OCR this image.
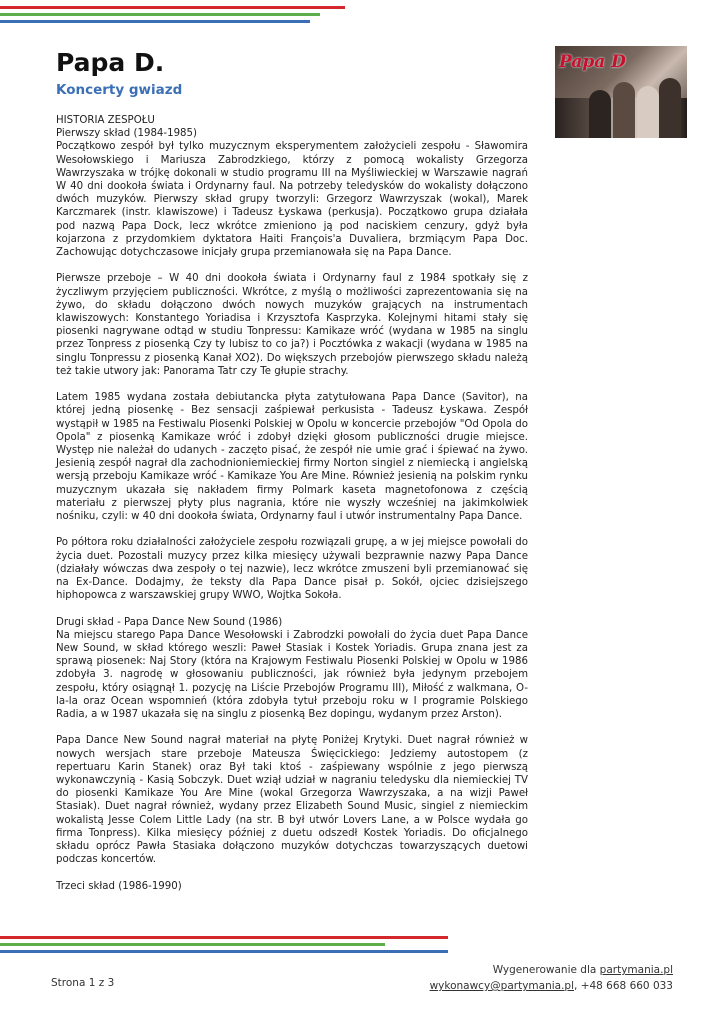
Papa D.
Koncerty gwiazd
Papa D
HISTORIA ZESPOŁU
Pierwszy skład (1984-1985)

Początkowo zespół był tylko muzycznym eksperymentem założycieli zespołu - Sławomira Wesołowskiego i Mariusza Zabrodzkiego, którzy z pomocą wokalisty Grzegorza Wawrzyszaka w trójkę dokonali w studio programu III na Myśliwieckiej w Warszawie nagrań W 40 dni dookoła świata i Ordynarny faul. Na potrzeby teledysków do wokalisty dołączono dwóch muzyków. Pierwszy skład grupy tworzyli: Grzegorz Wawrzyszak (wokal), Marek Karczmarek (instr. klawiszowe) i Tadeusz Łyskawa (perkusja). Początkowo grupa działała pod nazwą Papa Dock, lecz wkrótce zmieniono ją pod naciskiem cenzury, gdyż była kojarzona z przydomkiem dyktatora Haiti François'a Duvaliera, brzmiącym Papa Doc. Zachowując dotychczasowe inicjały grupa przemianowała się na Papa Dance.

Pierwsze przeboje – W 40 dni dookoła świata i Ordynarny faul z 1984 spotkały się z życzliwym przyjęciem publiczności. Wkrótce, z myślą o możliwości zaprezentowania się na żywo, do składu dołączono dwóch nowych muzyków grających na instrumentach klawiszowych: Konstantego Yoriadisa i Krzysztofa Kasprzyka. Kolejnymi hitami stały się piosenki nagrywane odtąd w studiu Tonpressu: Kamikaze wróć (wydana w 1985 na singlu przez Tonpress z piosenką Czy ty lubisz to co ja?) i Pocztówka z wakacji (wydana w 1985 na singlu Tonpressu z piosenką Kanał XO2). Do większych przebojów pierwszego składu należą też takie utwory jak: Panorama Tatr czy Te głupie strachy.

Latem 1985 wydana została debiutancka płyta zatytułowana Papa Dance (Savitor), na której jedną piosenkę - Bez sensacji zaśpiewał perkusista - Tadeusz Łyskawa. Zespół wystąpił w 1985 na Festiwalu Piosenki Polskiej w Opolu w koncercie przebojów "Od Opola do Opola" z piosenką Kamikaze wróć i zdobył dzięki głosom publiczności drugie miejsce. Występ nie należał do udanych - zaczęto pisać, że zespół nie umie grać i śpiewać na żywo. Jesienią zespół nagrał dla zachodnioniemieckiej firmy Norton singiel z niemiecką i angielską wersją przeboju Kamikaze wróć - Kamikaze You Are Mine. Również jesienią na polskim rynku muzycznym ukazała się nakładem firmy Polmark kaseta magnetofonowa z częścią materiału z pierwszej płyty plus nagrania, które nie wyszły wcześniej na jakimkolwiek nośniku, czyli: w 40 dni dookoła świata, Ordynarny faul i utwór instrumentalny Papa Dance.

Po półtora roku działalności założyciele zespołu rozwiązali grupę, a w jej miejsce powołali do życia duet. Pozostali muzycy przez kilka miesięcy używali bezprawnie nazwy Papa Dance (działały wówczas dwa zespoły o tej nazwie), lecz wkrótce zmuszeni byli przemianować się na Ex-Dance. Dodajmy, że teksty dla Papa Dance pisał p. Sokół, ojciec dzisiejszego hiphopowca z warszawskiej grupy WWO, Wojtka Sokoła.

Drugi skład - Papa Dance New Sound (1986)

Na miejscu starego Papa Dance Wesołowski i Zabrodzki powołali do życia duet Papa Dance New Sound, w skład którego weszli: Paweł Stasiak i Kostek Yoriadis. Grupa znana jest za sprawą piosenek: Naj Story (która na Krajowym Festiwalu Piosenki Polskiej w Opolu w 1986 zdobyła 3. nagrodę w głosowaniu publiczności, jak również była jedynym przebojem zespołu, który osiągnął 1. pozycję na Liście Przebojów Programu III), Miłość z walkmana, O-la-la oraz Ocean wspomnień (która zdobyła tytuł przeboju roku w I programie Polskiego Radia, a w 1987 ukazała się na singlu z piosenką Bez dopingu, wydanym przez Arston).

Papa Dance New Sound nagrał materiał na płytę Poniżej Krytyki. Duet nagrał również w nowych wersjach stare przeboje Mateusza Święcickiego: Jedziemy autostopem (z repertuaru Karin Stanek) oraz Był taki ktoś - zaśpiewany wspólnie z jego pierwszą wykonawczynią - Kasią Sobczyk. Duet wziął udział w nagraniu teledysku dla niemieckiej TV do piosenki Kamikaze You Are Mine (wokal Grzegorza Wawrzyszaka, a na wizji Paweł Stasiak). Duet nagrał również, wydany przez Elizabeth Sound Music, singiel z niemieckim wokalistą Jesse Colem Little Lady (na str. B był utwór Lovers Lane, a w Polsce wydała go firma Tonpress). Kilka miesięcy później z duetu odszedł Kostek Yoriadis. Do oficjalnego składu oprócz Pawła Stasiaka dołączono muzyków dotychczas towarzyszących duetowi podczas koncertów.

Trzeci skład (1986-1990)
Strona 1 z 3
Wygenerowanie dla partymania.pl
wykonawcy@partymania.pl, +48 668 660 033
